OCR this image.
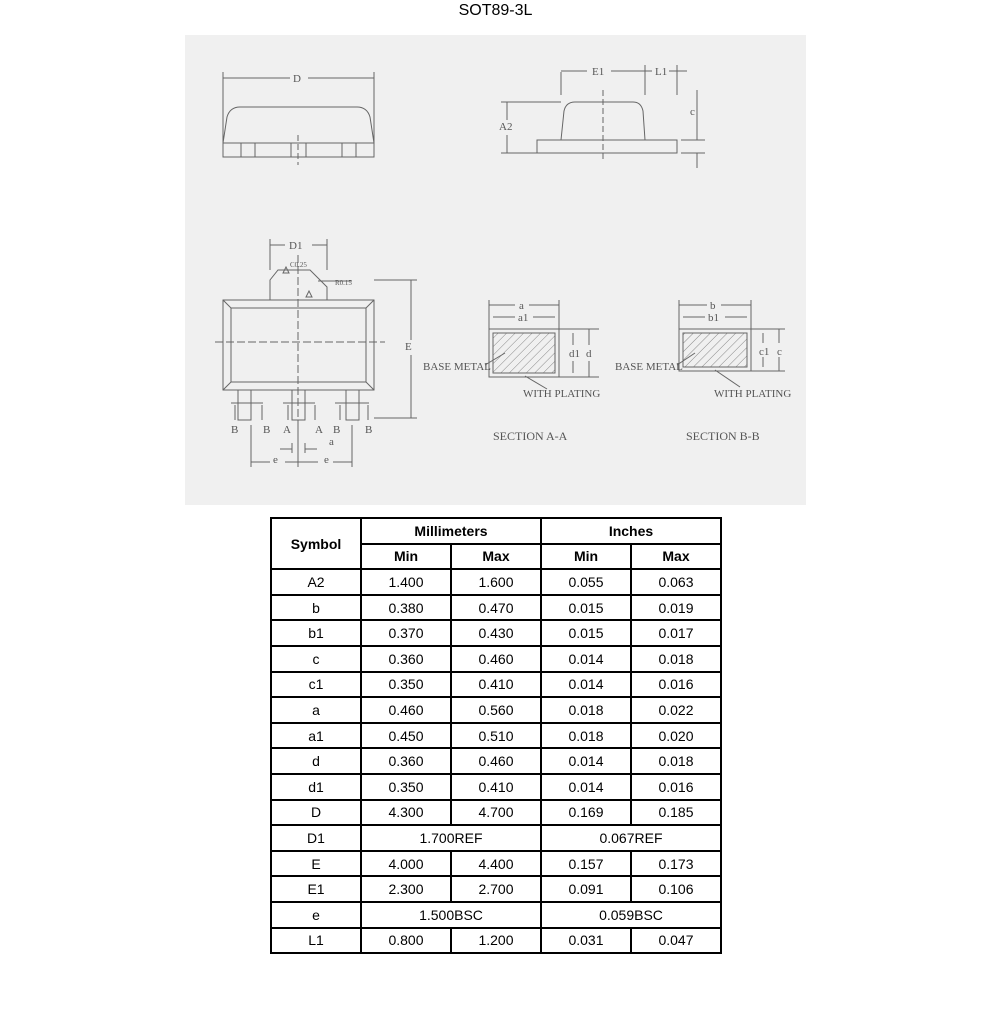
SOT89-3L
D
E1	L1
A2
c
D1
C0.25
R0.15
E
B B A A B B
a
e	e
a
a1
d1 d
BASE METAL
WITH PLATING
SECTION A-A
b
b1
c1 c
BASE METAL
WITH PLATING
SECTION B-B
Symbol	Millimeters		Inches	
	Min	Max	Min	Max
A2	1.400	1.600	0.055	0.063
b	0.380	0.470	0.015	0.019
b1	0.370	0.430	0.015	0.017
c	0.360	0.460	0.014	0.018
c1	0.350	0.410	0.014	0.016
a	0.460	0.560	0.018	0.022
a1	0.450	0.510	0.018	0.020
d	0.360	0.460	0.014	0.018
d1	0.350	0.410	0.014	0.016
D	4.300	4.700	0.169	0.185
D1	1.700REF		0.067REF	
E	4.000	4.400	0.157	0.173
E1	2.300	2.700	0.091	0.106
e	1.500BSC		0.059BSC	
L1	0.800	1.200	0.031	0.047
